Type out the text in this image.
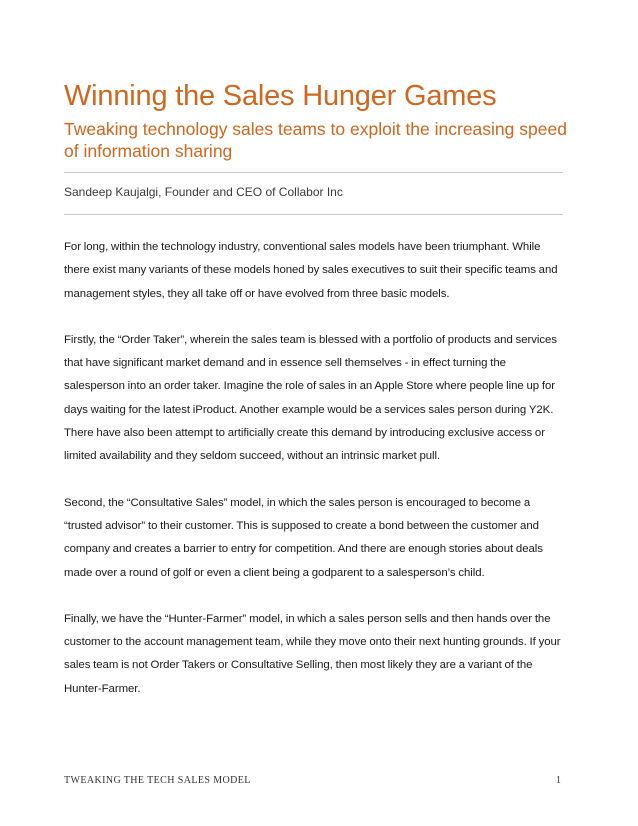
Winning the Sales Hunger Games
Tweaking technology sales teams to exploit the increasing speed of information sharing
Sandeep Kaujalgi, Founder and CEO of Collabor Inc

For long, within the technology industry, conventional sales models have been triumphant. While there exist many variants of these models honed by sales executives to suit their specific teams and management styles, they all take off or have evolved from three basic models.

Firstly, the “Order Taker”, wherein the sales team is blessed with a portfolio of products and services that have significant market demand and in essence sell themselves - in effect turning the salesperson into an order taker. Imagine the role of sales in an Apple Store where people line up for days waiting for the latest iProduct. Another example would be a services sales person during Y2K. There have also been attempt to artificially create this demand by introducing exclusive access or limited availability and they seldom succeed, without an intrinsic market pull.

Second, the “Consultative Sales” model, in which the sales person is encouraged to become a “trusted advisor” to their customer. This is supposed to create a bond between the customer and company and creates a barrier to entry for competition. And there are enough stories about deals made over a round of golf or even a client being a godparent to a salesperson’s child.

Finally, we have the “Hunter-Farmer” model, in which a sales person sells and then hands over the customer to the account management team, while they move onto their next hunting grounds. If your sales team is not Order Takers or Consultative Selling, then most likely they are a variant of the Hunter-Farmer.

TWEAKING THE TECH SALES MODEL	1
